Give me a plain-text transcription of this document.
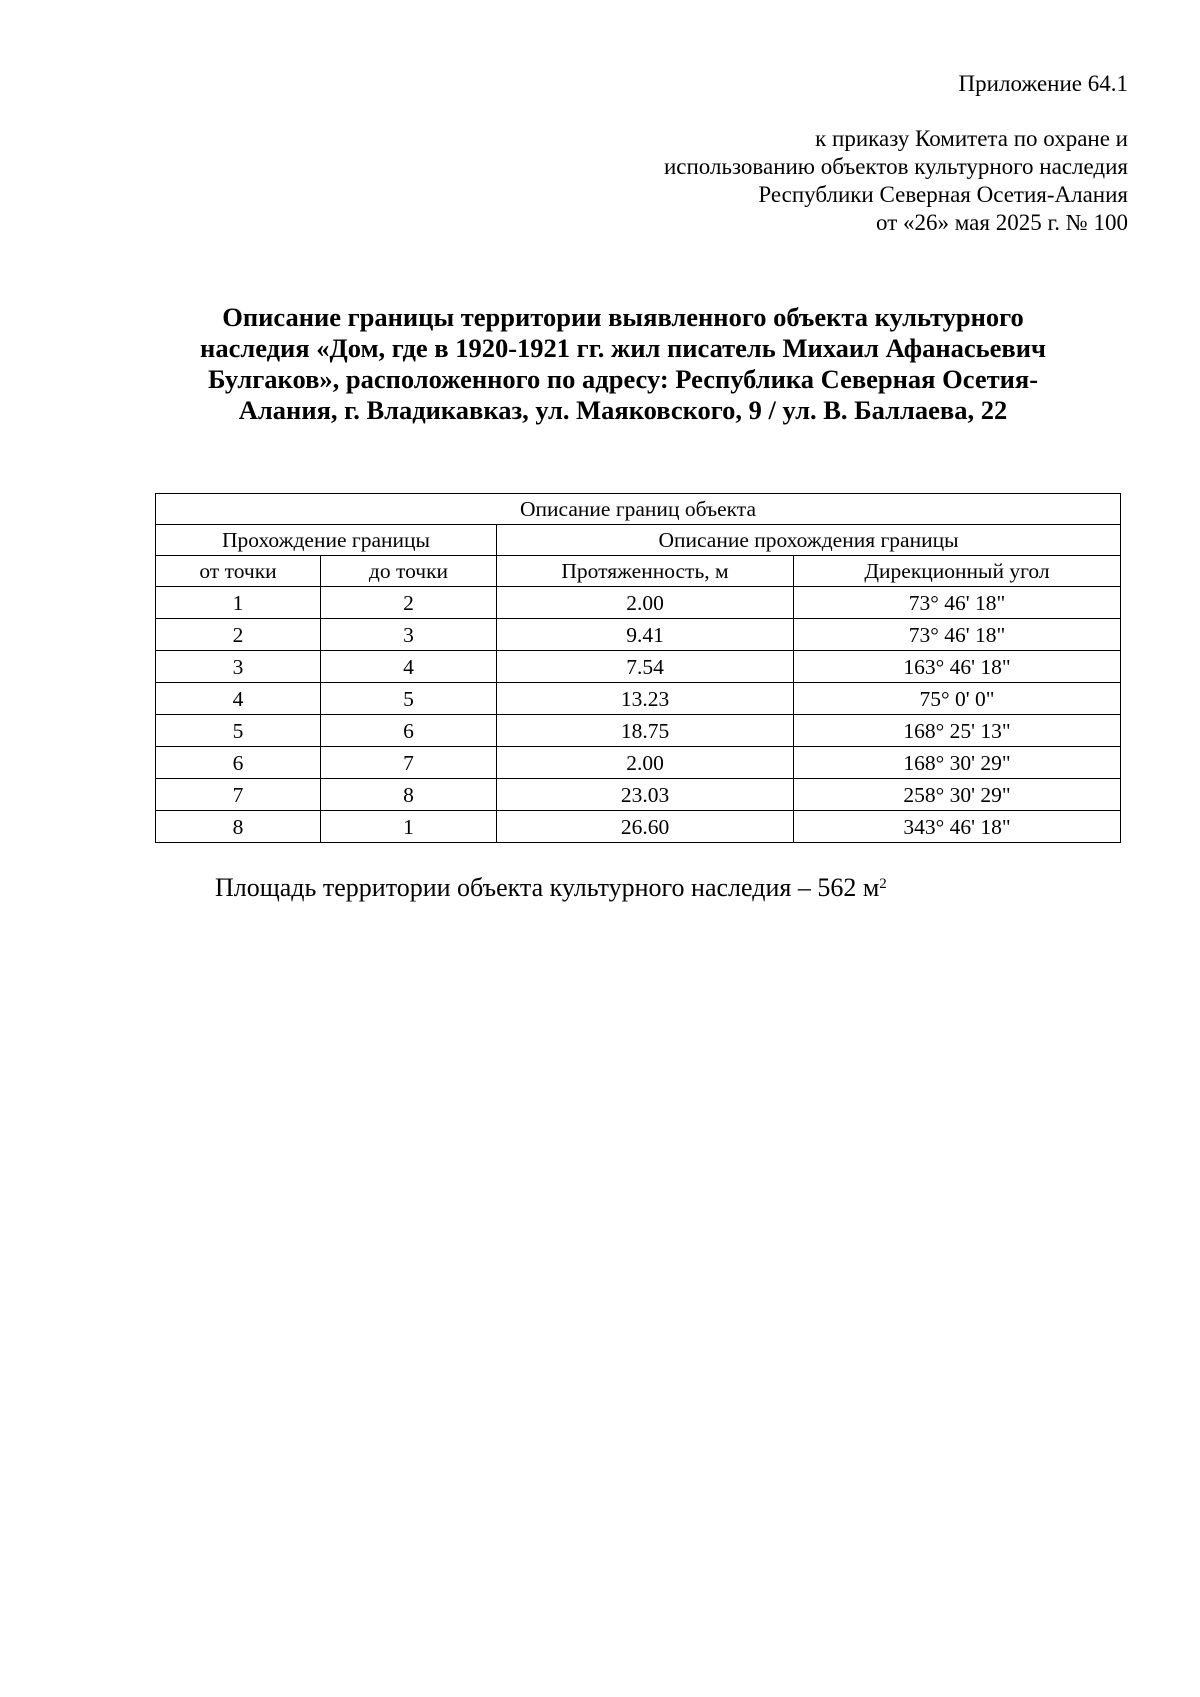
Приложение 64.1
к приказу Комитета по охране и
использованию объектов культурного наследия
Республики Северная Осетия-Алания
от «26» мая 2025 г. № 100
Описание границы территории выявленного объекта культурного
наследия «Дом, где в 1920-1921 гг. жил писатель Михаил Афанасьевич
Булгаков», расположенного по адресу: Республика Северная Осетия-
Алания, г. Владикавказ, ул. Маяковского, 9 / ул. В. Баллаева, 22
Описание границ объекта			
Прохождение границы		Описание прохождения границы	
от точки	до точки	Протяженность, м	Дирекционный угол
1	2	2.00	73° 46' 18"
2	3	9.41	73° 46' 18"
3	4	7.54	163° 46' 18"
4	5	13.23	75° 0' 0"
5	6	18.75	168° 25' 13"
6	7	2.00	168° 30' 29"
7	8	23.03	258° 30' 29"
8	1	26.60	343° 46' 18"
Площадь территории объекта культурного наследия – 562 $м^2$
